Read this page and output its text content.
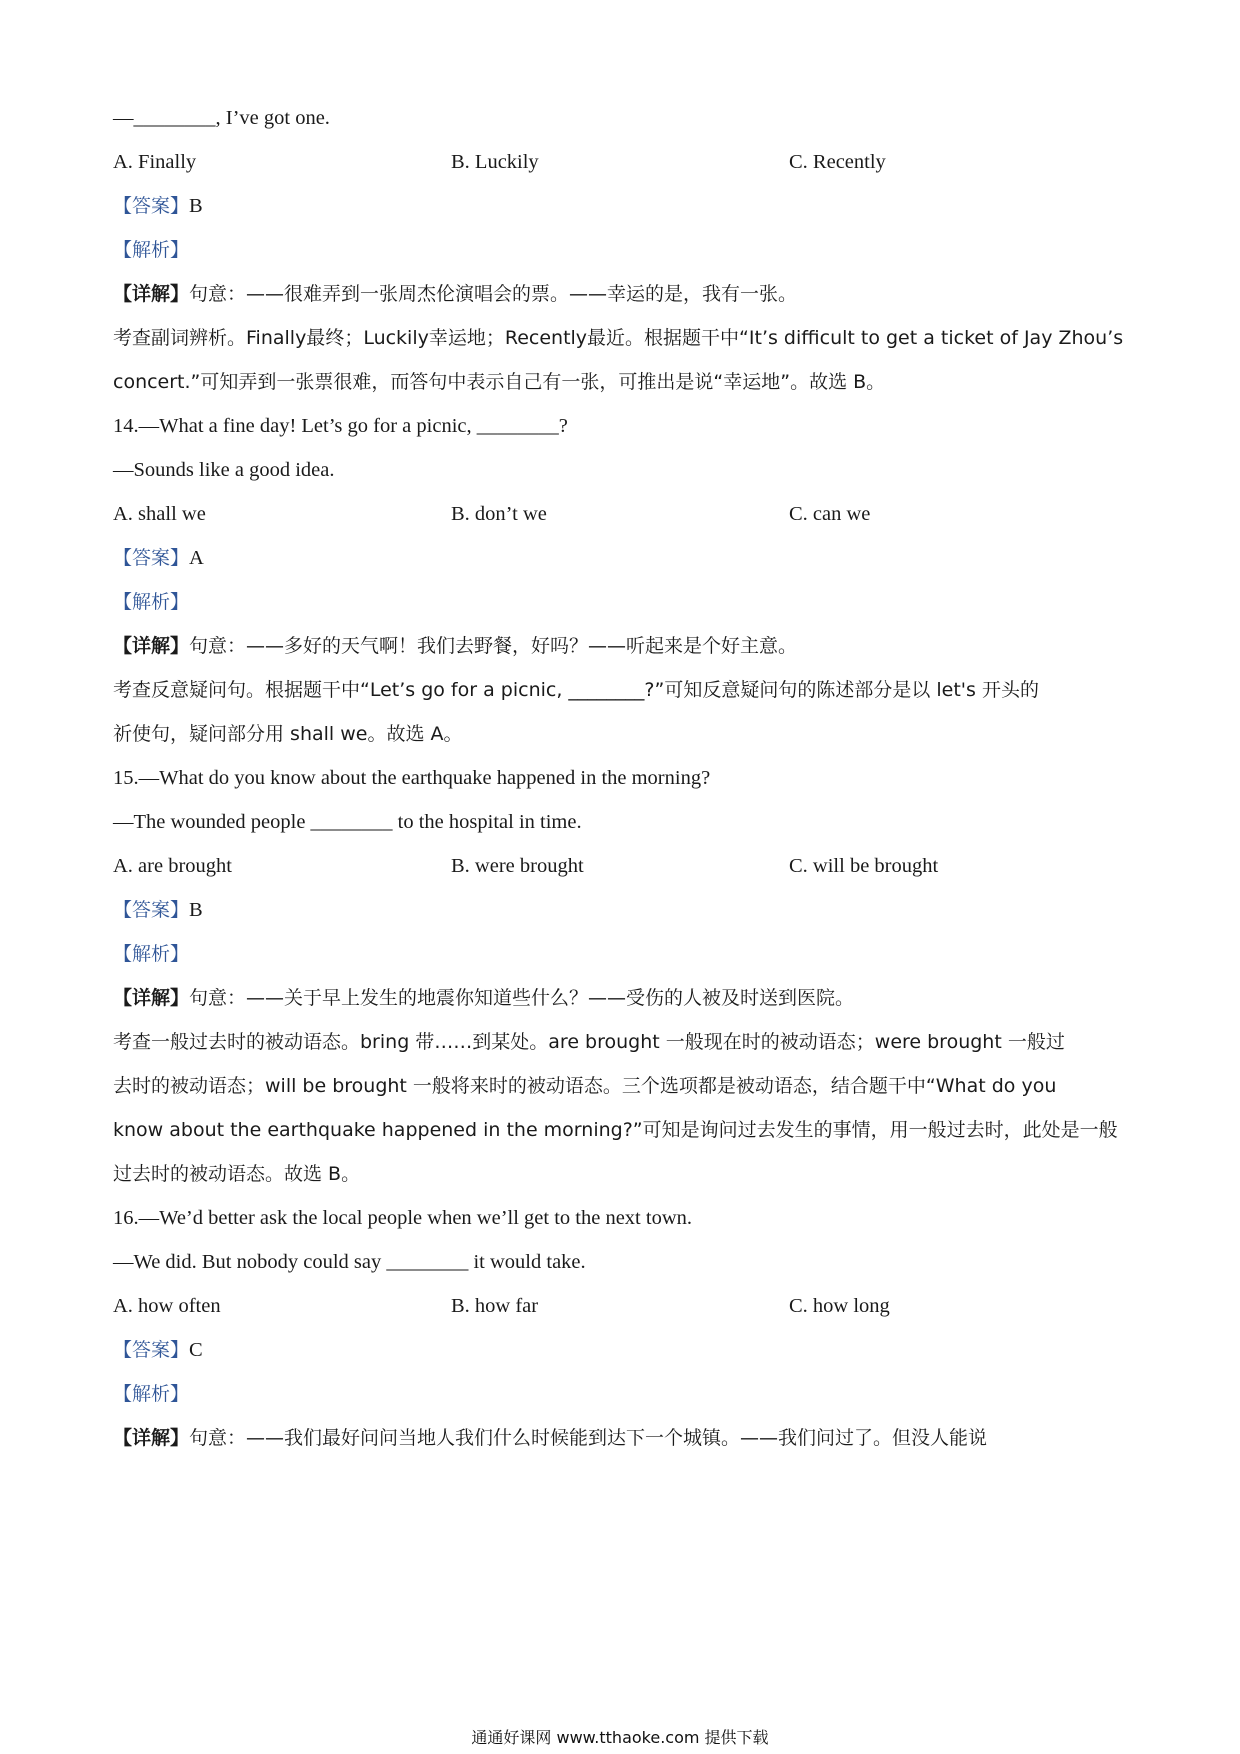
—________, I’ve got one.
A. Finally	B. Luckily	C. Recently
【答案】B
【解析】
【详解】句意：——很难弄到一张周杰伦演唱会的票。——幸运的是，我有一张。
考查副词辨析。Finally最终；Luckily幸运地；Recently最近。根据题干中“It’s difficult to get a ticket of Jay Zhou’s
concert.”可知弄到一张票很难，而答句中表示自己有一张，可推出是说“幸运地”。故选 B。
14.—What a fine day! Let’s go for a picnic, ________?
—Sounds like a good idea.
A. shall we	B. don’t we	C. can we
【答案】A
【解析】
【详解】句意：——多好的天气啊！我们去野餐，好吗？——听起来是个好主意。
考查反意疑问句。根据题干中“Let’s go for a picnic, ________?”可知反意疑问句的陈述部分是以 let's 开头的
祈使句，疑问部分用 shall we。故选 A。
15.—What do you know about the earthquake happened in the morning?
—The wounded people ________ to the hospital in time.
A. are brought	B. were brought	C. will be brought
【答案】B
【解析】
【详解】句意：——关于早上发生的地震你知道些什么？——受伤的人被及时送到医院。
考查一般过去时的被动语态。bring 带……到某处。are brought 一般现在时的被动语态；were brought 一般过
去时的被动语态；will be brought 一般将来时的被动语态。三个选项都是被动语态，结合题干中“What do you
know about the earthquake happened in the morning?”可知是询问过去发生的事情，用一般过去时，此处是一般
过去时的被动语态。故选 B。
16.—We’d better ask the local people when we’ll get to the next town.
—We did. But nobody could say ________ it would take.
A. how often	B. how far	C. how long
【答案】C
【解析】
【详解】句意：——我们最好问问当地人我们什么时候能到达下一个城镇。——我们问过了。但没人能说
通通好课网 www.tthaoke.com 提供下载
